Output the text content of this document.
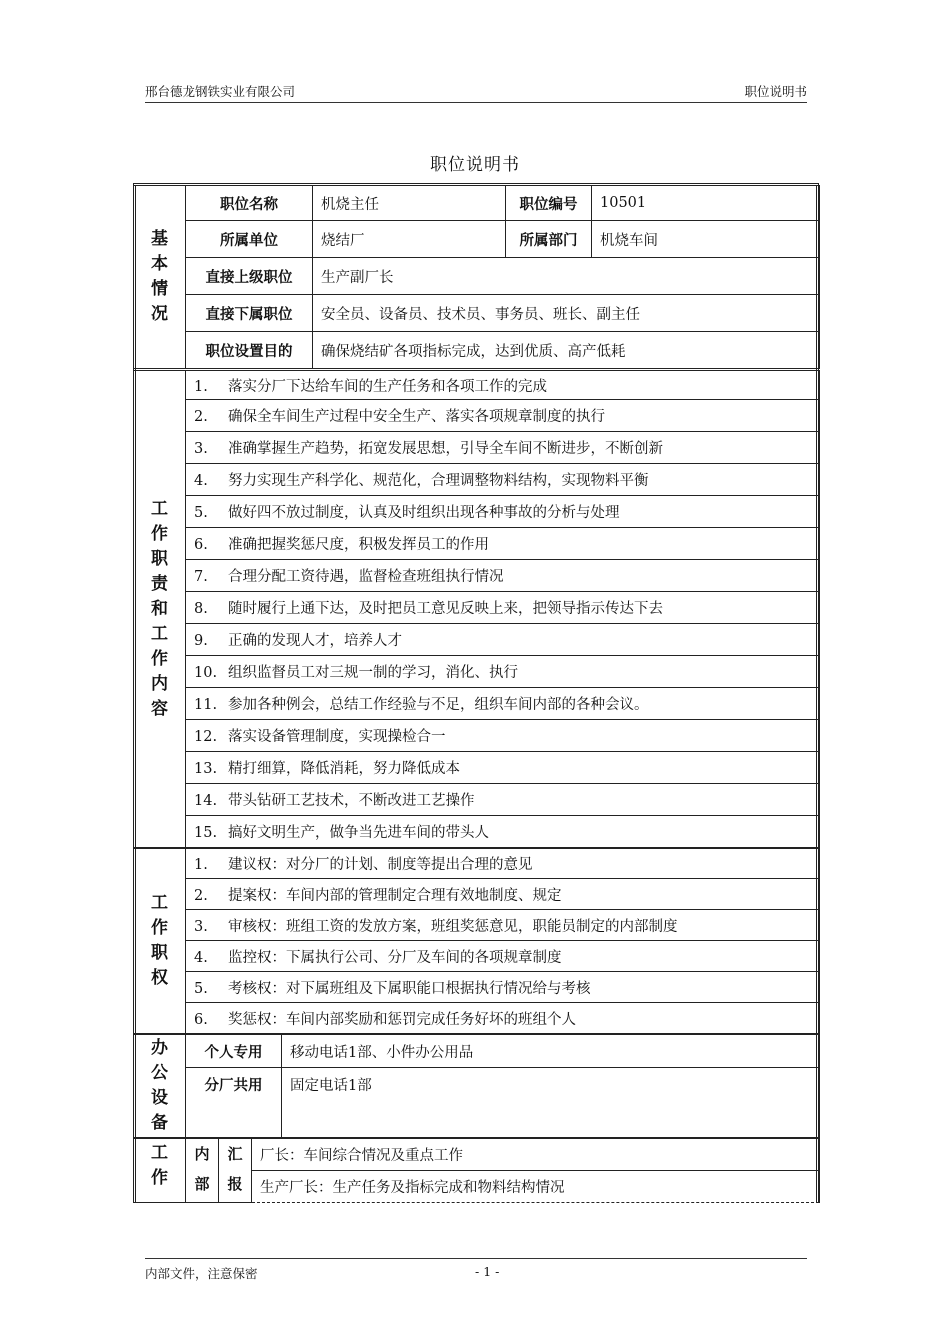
邢台德龙钢铁实业有限公司	职位说明书
职位说明书
基
本
情
况	职位名称	机烧主任	职位编号	10501
	所属单位	烧结厂	所属部门	机烧车间
	直接上级职位	生产副厂长		
	直接下属职位	安全员、设备员、技术员、事务员、班长、副主任		
	职位设置目的	确保烧结矿各项指标完成，达到优质、高产低耗		
工
作
职
责
和
工
作
内
容
	1. 落实分厂下达给车间的生产任务和各项工作的完成
2. 确保全车间生产过程中安全生产、落实各项规章制度的执行
3. 准确掌握生产趋势，拓宽发展思想，引导全车间不断进步，不断创新
4. 努力实现生产科学化、规范化，合理调整物料结构，实现物料平衡
5. 做好四不放过制度，认真及时组织出现各种事故的分析与处理
6. 准确把握奖惩尺度，积极发挥员工的作用
7. 合理分配工资待遇，监督检查班组执行情况
8. 随时履行上通下达，及时把员工意见反映上来，把领导指示传达下去
9. 正确的发现人才，培养人才
10. 组织监督员工对三规一制的学习，消化、执行
11. 参加各种例会，总结工作经验与不足，组织车间内部的各种会议。
12. 落实设备管理制度，实现操检合一
13. 精打细算，降低消耗，努力降低成本
14. 带头钻研工艺技术，不断改进工艺操作
15. 搞好文明生产，做争当先进车间的带头人
工
作
职
权
	1. 建议权：对分厂的计划、制度等提出合理的意见
2. 提案权：车间内部的管理制定合理有效地制度、规定
3. 审核权：班组工资的发放方案，班组奖惩意见，职能员制定的内部制度
4. 监控权：下属执行公司、分厂及车间的各项规章制度
5. 考核权：对下属班组及下属职能口根据执行情况给与考核
6. 奖惩权：车间内部奖励和惩罚完成任务好坏的班组个人
办
公
设
备	个人专用	移动电话1部、小件办公用品
	分厂共用	固定电话1部
工
作

内
部

汇
报
	厂长：车间综合情况及重点工作
生产厂长：生产任务及指标完成和物料结构情况
内部文件，注意保密	- 1 -
